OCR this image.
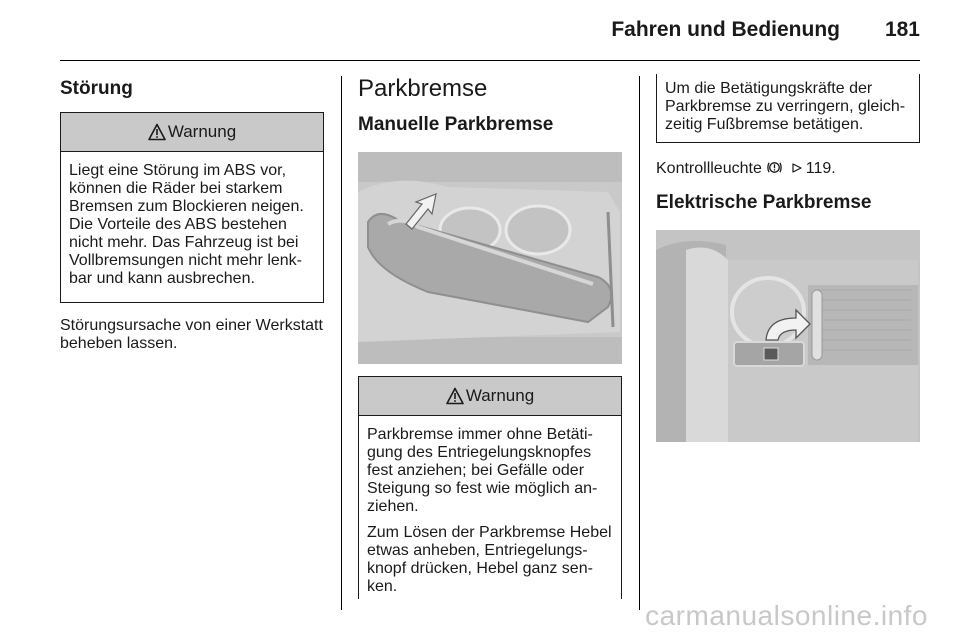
Fahren und Bedienung 181
Störung
Warnung

Liegt eine Störung im ABS vor, können die Räder bei starkem Bremsen zum Blockieren neigen. Die Vorteile des ABS bestehen nicht mehr. Das Fahrzeug ist bei Vollbremsungen nicht mehr lenk-bar und kann ausbrechen.

Störungsursache von einer Werkstatt beheben lassen.

Parkbremse
Manuelle Parkbremse
Warnung

Parkbremse immer ohne Betäti-gung des Entriegelungsknopfes fest anziehen; bei Gefälle oder Steigung so fest wie möglich an-ziehen.

Zum Lösen der Parkbremse Hebel etwas anheben, Entriegelungs-knopf drücken, Hebel ganz sen-ken.

Um die Betätigungskräfte der Parkbremse zu verringern, gleich-zeitig Fußbremse betätigen.

Kontrollleuchte	119.

Elektrische Parkbremse
carmanualsonline.info
